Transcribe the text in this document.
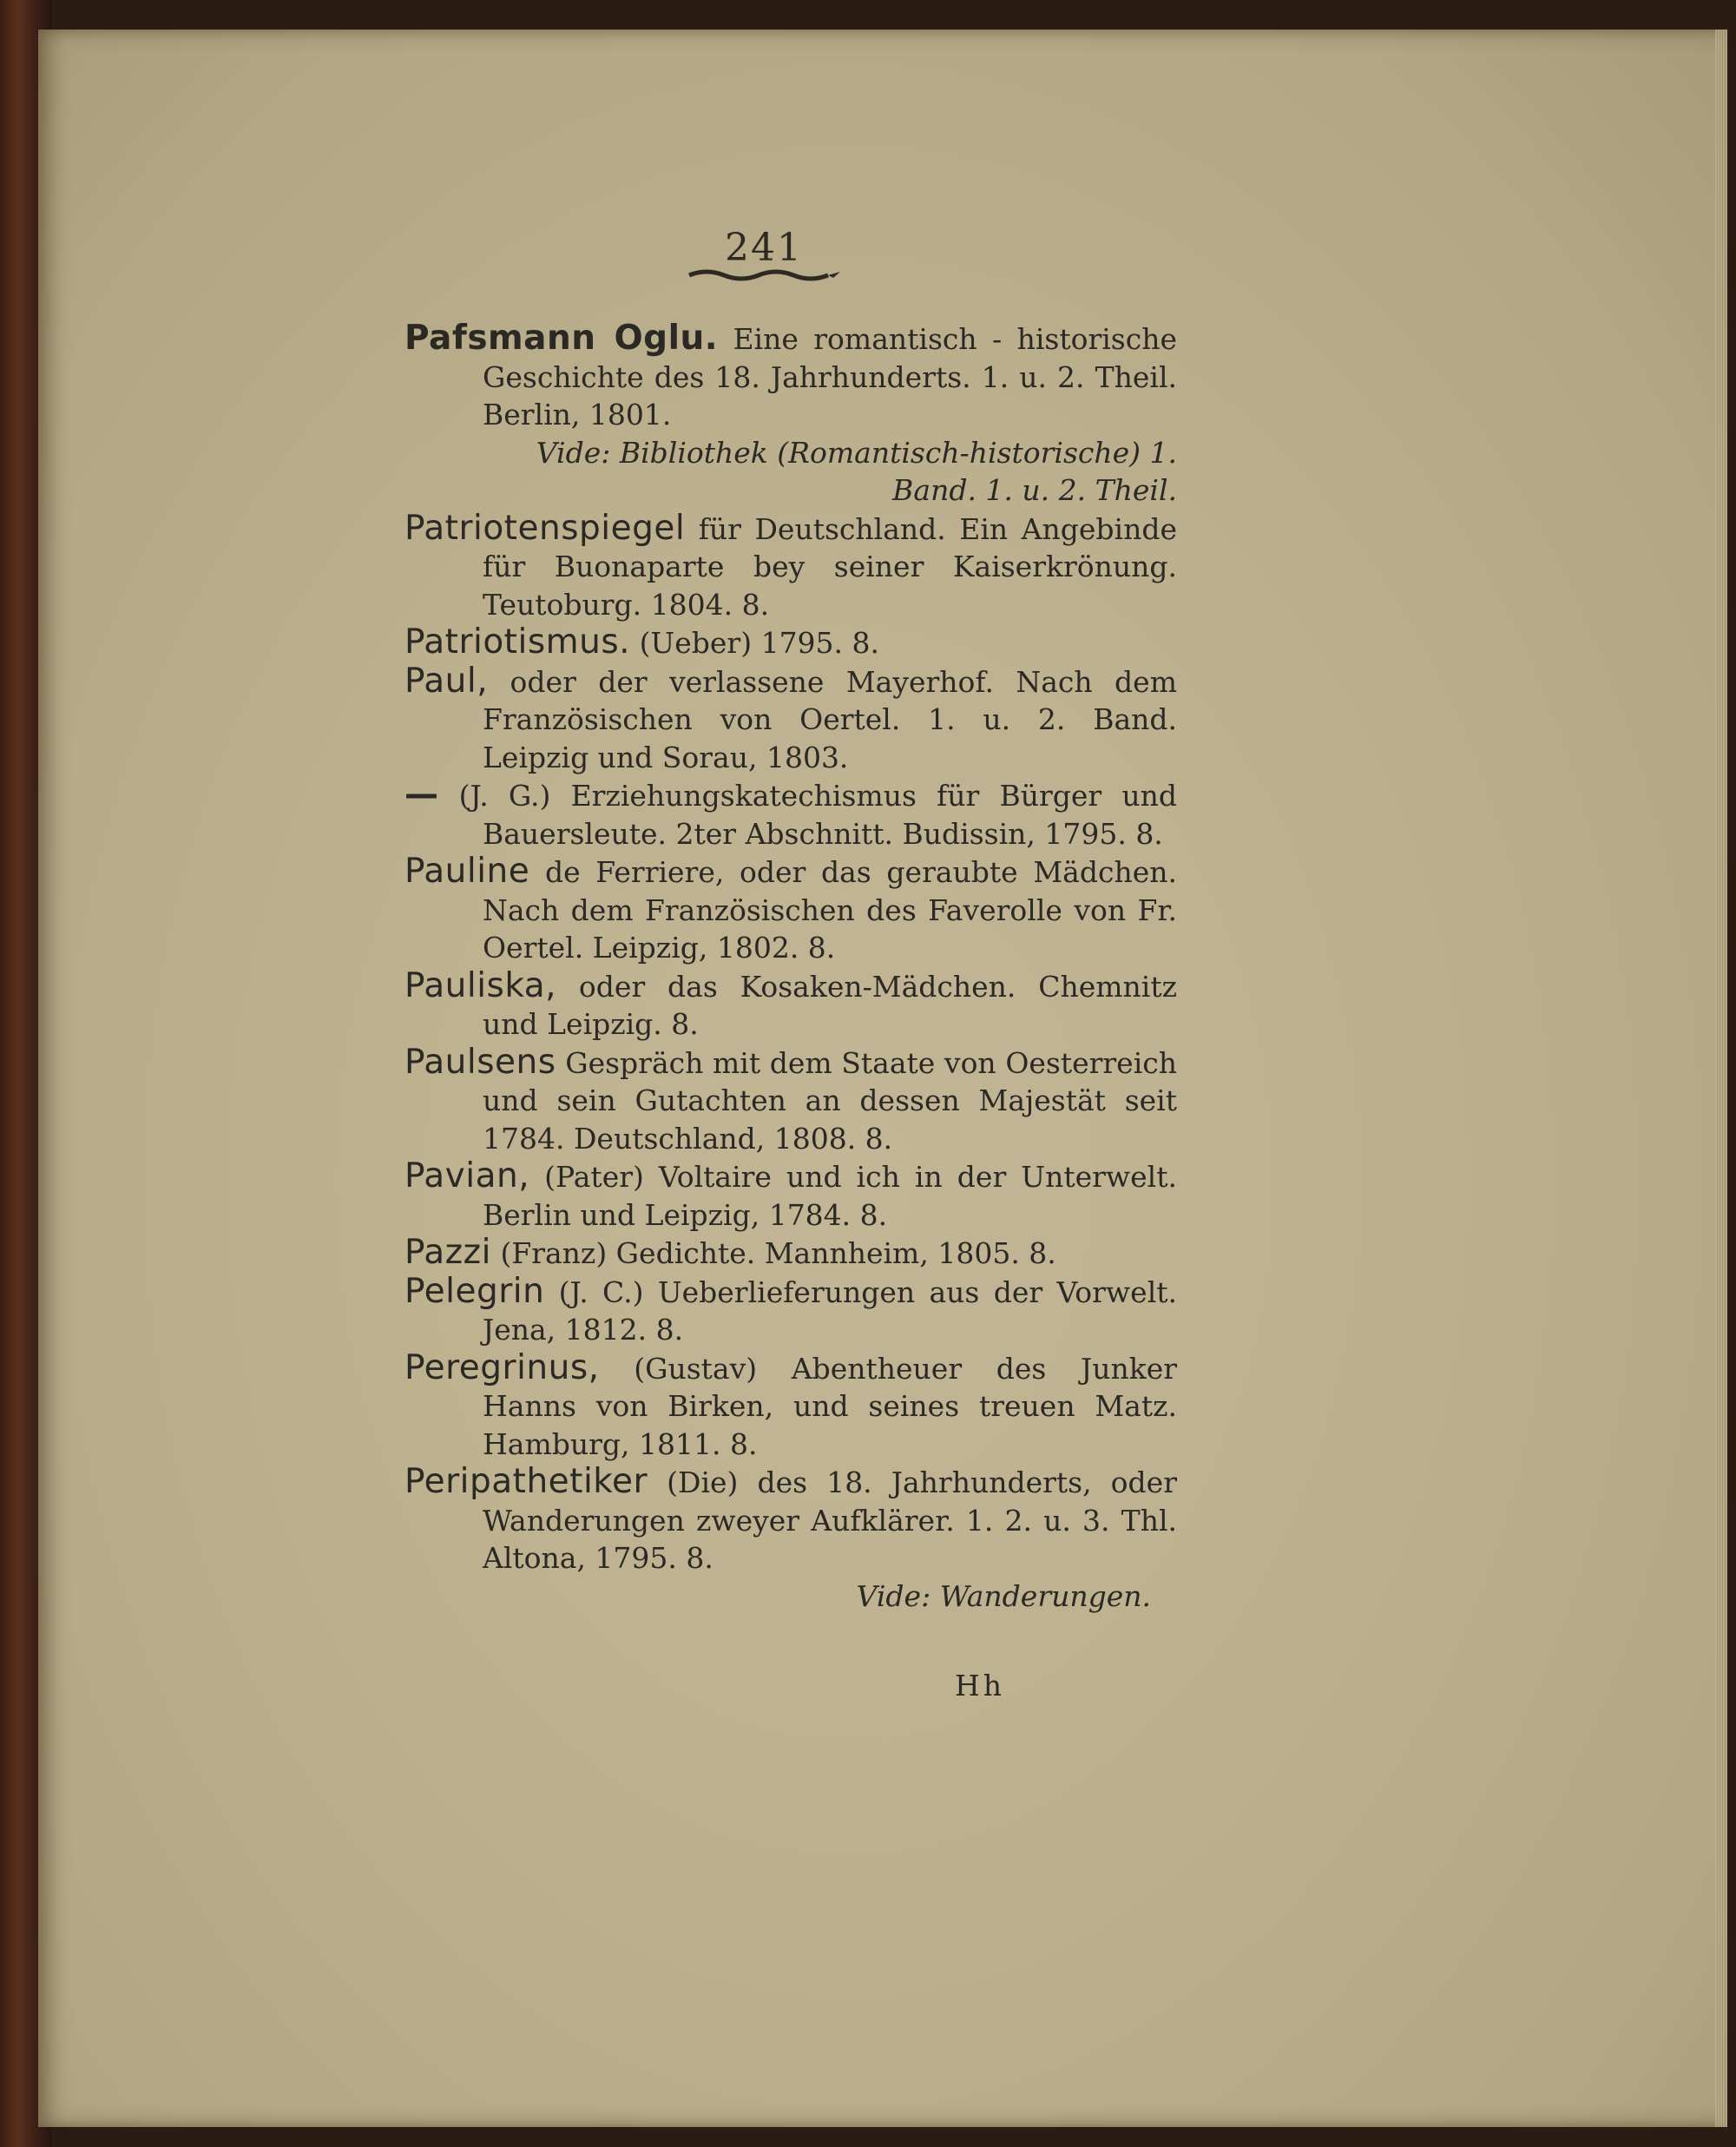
241
Pafsmann Oglu. Eine romantisch - historische Geschichte des 18. Jahrhunderts. 1. u. 2. Theil. Berlin, 1801.
Vide: Bibliothek (Romantisch-historische) 1. Band. 1. u. 2. Theil.
Patriotenspiegel für Deutschland. Ein Angebinde für Buonaparte bey seiner Kaiserkrönung. Teutoburg. 1804. 8.
Patriotismus. (Ueber) 1795. 8.
Paul, oder der verlassene Mayerhof. Nach dem Französischen von Oertel. 1. u. 2. Band. Leipzig und Sorau, 1803.
— (J. G.) Erziehungskatechismus für Bürger und Bauersleute. 2ter Abschnitt. Budissin, 1795. 8.
Pauline de Ferriere, oder das geraubte Mädchen. Nach dem Französischen des Faverolle von Fr. Oertel. Leipzig, 1802. 8.
Pauliska, oder das Kosaken-Mädchen. Chemnitz und Leipzig. 8.
Paulsens Gespräch mit dem Staate von Oesterreich und sein Gutachten an dessen Majestät seit 1784. Deutschland, 1808. 8.
Pavian, (Pater) Voltaire und ich in der Unterwelt. Berlin und Leipzig, 1784. 8.
Pazzi (Franz) Gedichte. Mannheim, 1805. 8.
Pelegrin (J. C.) Ueberlieferungen aus der Vorwelt. Jena, 1812. 8.
Peregrinus, (Gustav) Abentheuer des Junker Hanns von Birken, und seines treuen Matz. Hamburg, 1811. 8.
Peripathetiker (Die) des 18. Jahrhunderts, oder Wanderungen zweyer Aufklärer. 1. 2. u. 3. Thl. Altona, 1795. 8.
Vide: Wanderungen.
Hh
